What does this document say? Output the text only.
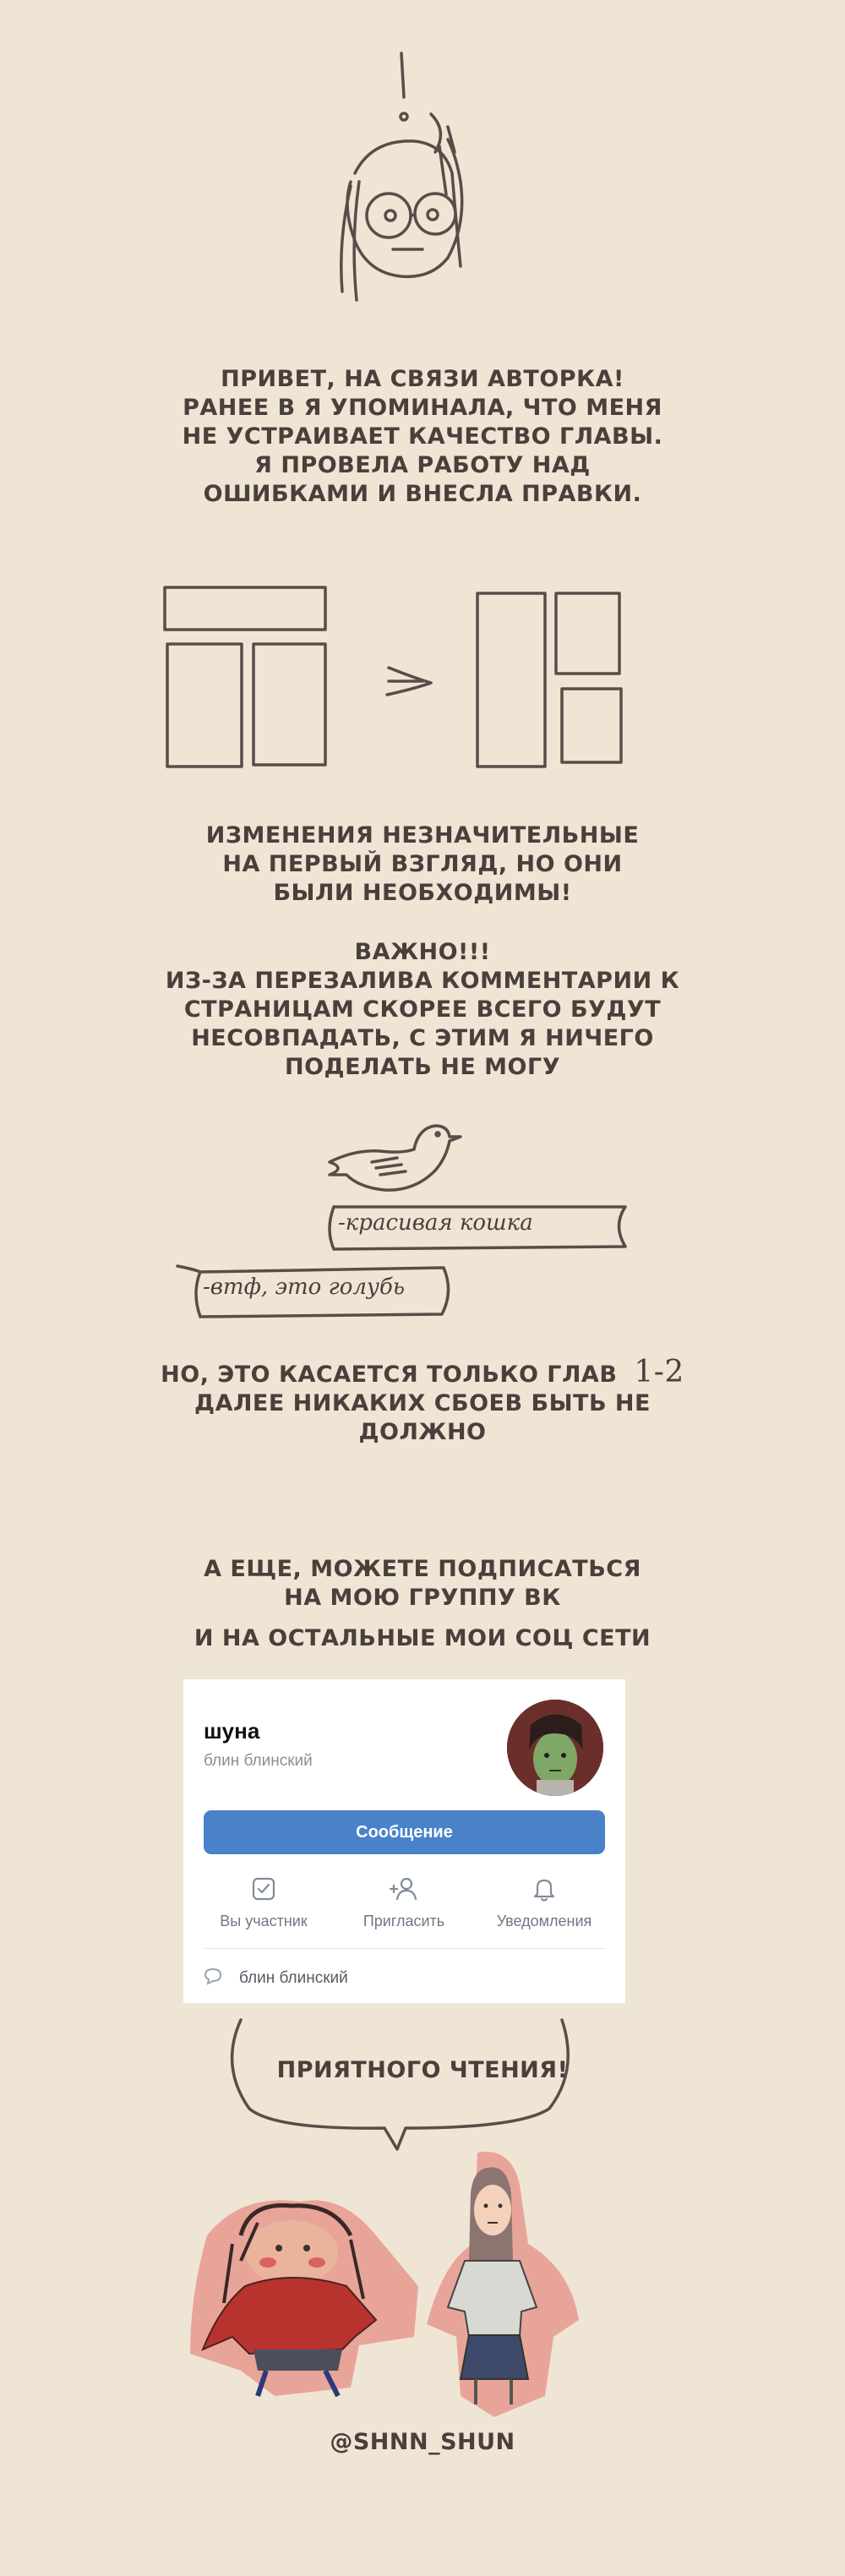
ПРИВЕТ, НА СВЯЗИ АВТОРКА!
РАНЕЕ В Я УПОМИНАЛА, ЧТО МЕНЯ
НЕ УСТРАИВАЕТ КАЧЕСТВО ГЛАВЫ.
Я ПРОВЕЛА РАБОТУ НАД
ОШИБКАМИ И ВНЕСЛА ПРАВКИ.
ИЗМЕНЕНИЯ НЕЗНАЧИТЕЛЬНЫЕ
НА ПЕРВЫЙ ВЗГЛЯД, НО ОНИ
БЫЛИ НЕОБХОДИМЫ!
ВАЖНО!!!
ИЗ-ЗА ПЕРЕЗАЛИВА КОММЕНТАРИИ К
СТРАНИЦАМ СКОРЕЕ ВСЕГО БУДУТ
НЕСОВПАДАТЬ, С ЭТИМ Я НИЧЕГО
ПОДЕЛАТЬ НЕ МОГУ
-красивая кошка
-втф, это голубь
НО, ЭТО КАСАЕТСЯ ТОЛЬКО ГЛАВ 1-2
ДАЛЕЕ НИКАКИХ СБОЕВ БЫТЬ НЕ
ДОЛЖНО
А ЕЩЕ, МОЖЕТЕ ПОДПИСАТЬСЯ
НА МОЮ ГРУППУ ВК
И НА ОСТАЛЬНЫЕ МОИ СОЦ СЕТИ
шуна
блин блинский
Сообщение
Вы участник	Пригласить	Уведомления
блин блинский
ПРИЯТНОГО ЧТЕНИЯ!
@SHNN_SHUN
